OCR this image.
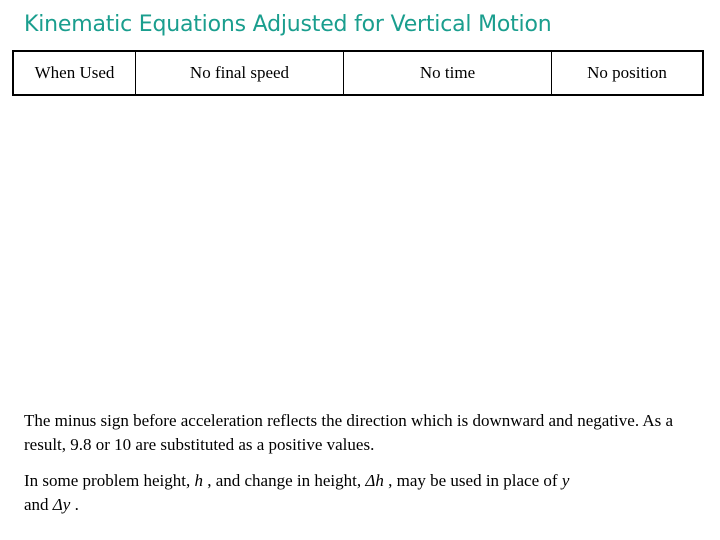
Kinematic Equations Adjusted for Vertical Motion
When Used	No final speed	No time	No position
The minus sign before acceleration reflects the direction which is downward and negative. As a result, 9.8 or 10 are substituted as a positive values.
In some problem height, h , and change in height, Δh , may be used in place of y
and Δy .
